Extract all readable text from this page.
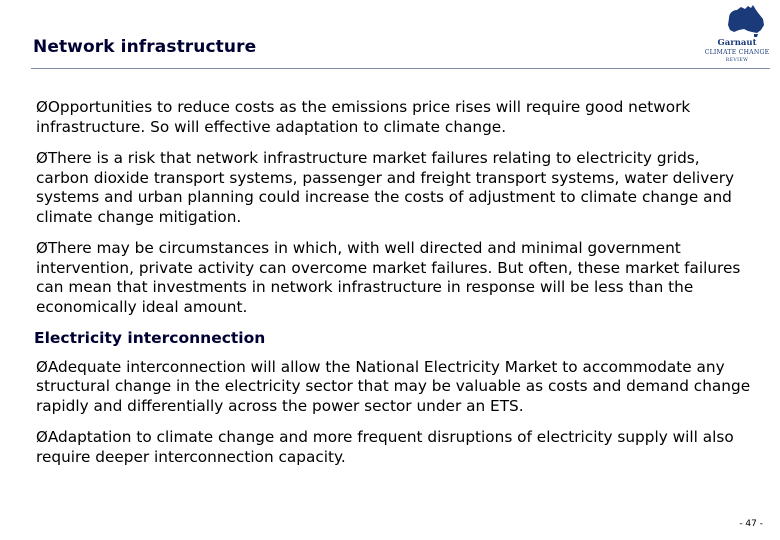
Network infrastructure	Garnaut
CLIMATE CHANGE
REVIEW
ØOpportunities to reduce costs as the emissions price rises will require good network infrastructure. So will effective adaptation to climate change.
ØThere is a risk that network infrastructure market failures relating to electricity grids, carbon dioxide transport systems, passenger and freight transport systems, water delivery systems and urban planning could increase the costs of adjustment to climate change and climate change mitigation.
ØThere may be circumstances in which, with well directed and minimal government intervention, private activity can overcome market failures. But often, these market failures can mean that investments in network infrastructure in response will be less than the economically ideal amount.
Electricity interconnection
ØAdequate interconnection will allow the National Electricity Market to accommodate any structural change in the electricity sector that may be valuable as costs and demand change rapidly and differentially across the power sector under an ETS.
ØAdaptation to climate change and more frequent disruptions of electricity supply will also require deeper interconnection capacity.
- 47 -
